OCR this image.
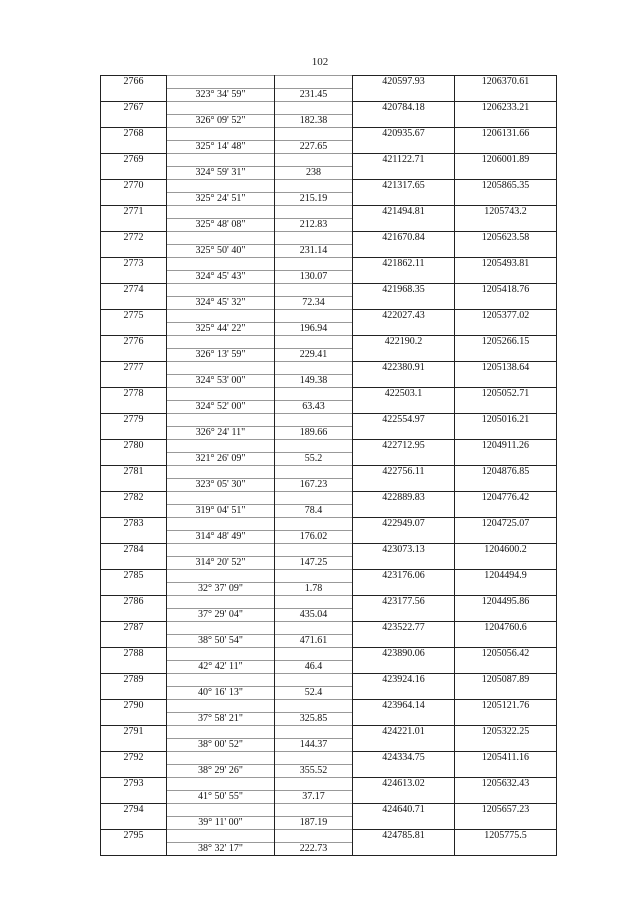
102
2766			420597.93	1206370.61
	323° 34' 59"	231.45		
2767			420784.18	1206233.21
	326° 09' 52"	182.38		
2768			420935.67	1206131.66
	325° 14' 48"	227.65		
2769			421122.71	1206001.89
	324° 59' 31"	238		
2770			421317.65	1205865.35
	325° 24' 51"	215.19		
2771			421494.81	1205743.2
	325° 48' 08"	212.83		
2772			421670.84	1205623.58
	325° 50' 40"	231.14		
2773			421862.11	1205493.81
	324° 45' 43"	130.07		
2774			421968.35	1205418.76
	324° 45' 32"	72.34		
2775			422027.43	1205377.02
	325° 44' 22"	196.94		
2776			422190.2	1205266.15
	326° 13' 59"	229.41		
2777			422380.91	1205138.64
	324° 53' 00"	149.38		
2778			422503.1	1205052.71
	324° 52' 00"	63.43		
2779			422554.97	1205016.21
	326° 24' 11"	189.66		
2780			422712.95	1204911.26
	321° 26' 09"	55.2		
2781			422756.11	1204876.85
	323° 05' 30"	167.23		
2782			422889.83	1204776.42
	319° 04' 51"	78.4		
2783			422949.07	1204725.07
	314° 48' 49"	176.02		
2784			423073.13	1204600.2
	314° 20' 52"	147.25		
2785			423176.06	1204494.9
	32° 37' 09"	1.78		
2786			423177.56	1204495.86
	37° 29' 04"	435.04		
2787			423522.77	1204760.6
	38° 50' 54"	471.61		
2788			423890.06	1205056.42
	42° 42' 11"	46.4		
2789			423924.16	1205087.89
	40° 16' 13"	52.4		
2790			423964.14	1205121.76
	37° 58' 21"	325.85		
2791			424221.01	1205322.25
	38° 00' 52"	144.37		
2792			424334.75	1205411.16
	38° 29' 26"	355.52		
2793			424613.02	1205632.43
	41° 50' 55"	37.17		
2794			424640.71	1205657.23
	39° 11' 00"	187.19		
2795			424785.81	1205775.5
	38° 32' 17"	222.73		
